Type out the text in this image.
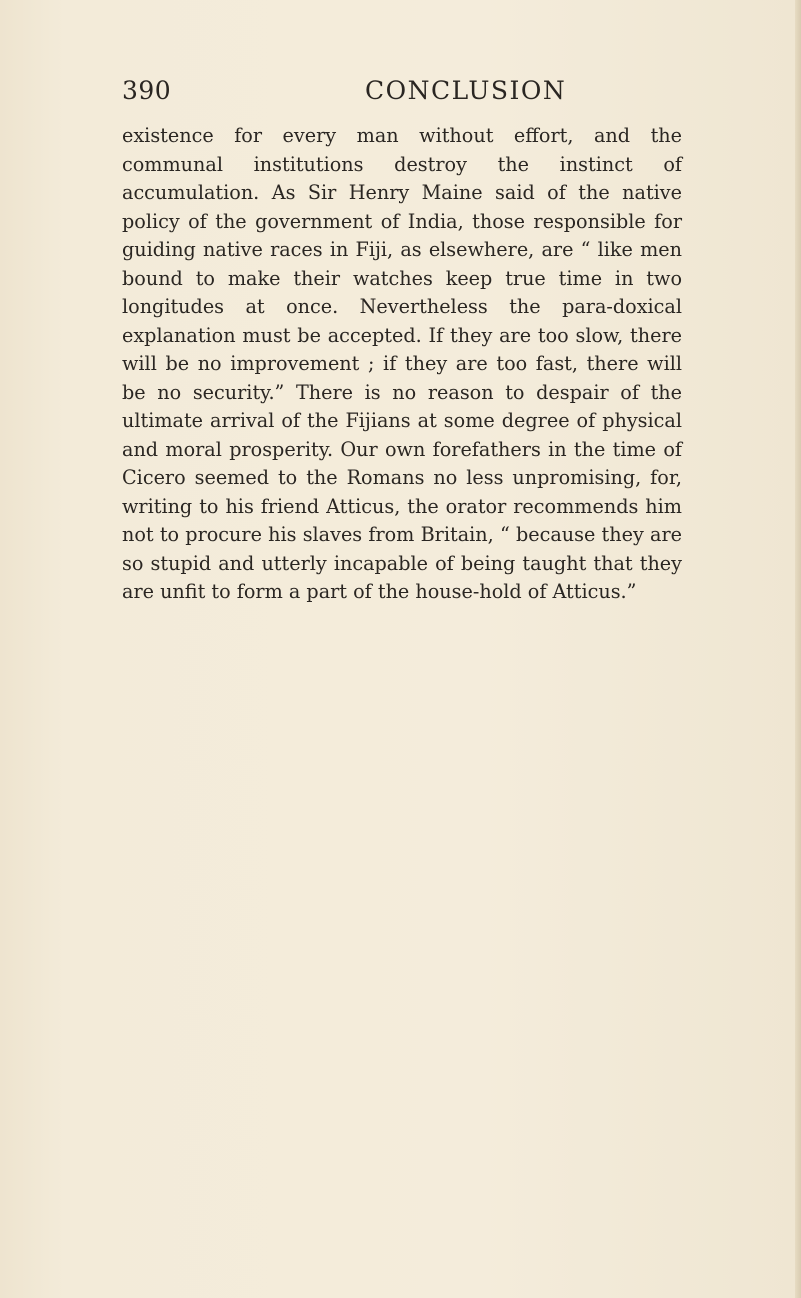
390	CONCLUSION

existence for every man without effort, and the communal institutions destroy the instinct of accumulation. As Sir Henry Maine said of the native policy of the government of India, those responsible for guiding native races in Fiji, as elsewhere, are “ like men bound to make their watches keep true time in two longitudes at once. Nevertheless the para-doxical explanation must be accepted. If they are too slow, there will be no improvement ; if they are too fast, there will be no security.” There is no reason to despair of the ultimate arrival of the Fijians at some degree of physical and moral prosperity. Our own forefathers in the time of Cicero seemed to the Romans no less unpromising, for, writing to his friend Atticus, the orator recommends him not to procure his slaves from Britain, “ because they are so stupid and utterly incapable of being taught that they are unfit to form a part of the house-hold of Atticus.”
